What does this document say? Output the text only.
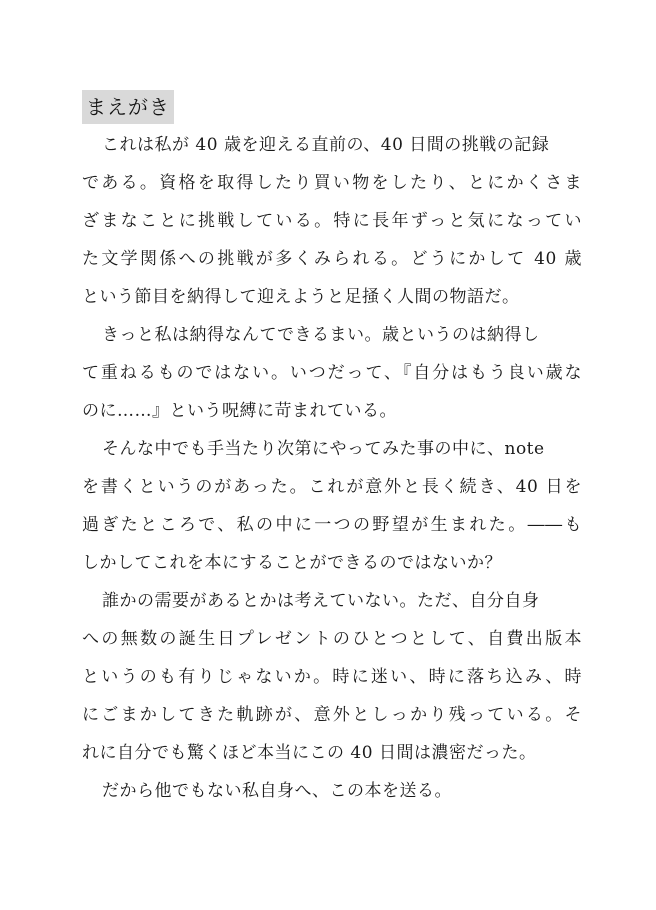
まえがき
これは私が 40 歳を迎える直前の、40 日間の挑戦の記録
である。資格を取得したり買い物をしたり、とにかくさま
ざまなことに挑戦している。特に長年ずっと気になってい
た文学関係への挑戦が多くみられる。どうにかして 40 歳
という節目を納得して迎えようと足掻く人間の物語だ。
きっと私は納得なんてできるまい。歳というのは納得し
て重ねるものではない。いつだって、『自分はもう良い歳な
のに……』という呪縛に苛まれている。
そんな中でも手当たり次第にやってみた事の中に、note
を書くというのがあった。これが意外と長く続き、40 日を
過ぎたところで、私の中に一つの野望が生まれた。――も
しかしてこれを本にすることができるのではないか？
誰かの需要があるとかは考えていない。ただ、自分自身
への無数の誕生日プレゼントのひとつとして、自費出版本
というのも有りじゃないか。時に迷い、時に落ち込み、時
にごまかしてきた軌跡が、意外としっかり残っている。そ
れに自分でも驚くほど本当にこの 40 日間は濃密だった。
だから他でもない私自身へ、この本を送る。
